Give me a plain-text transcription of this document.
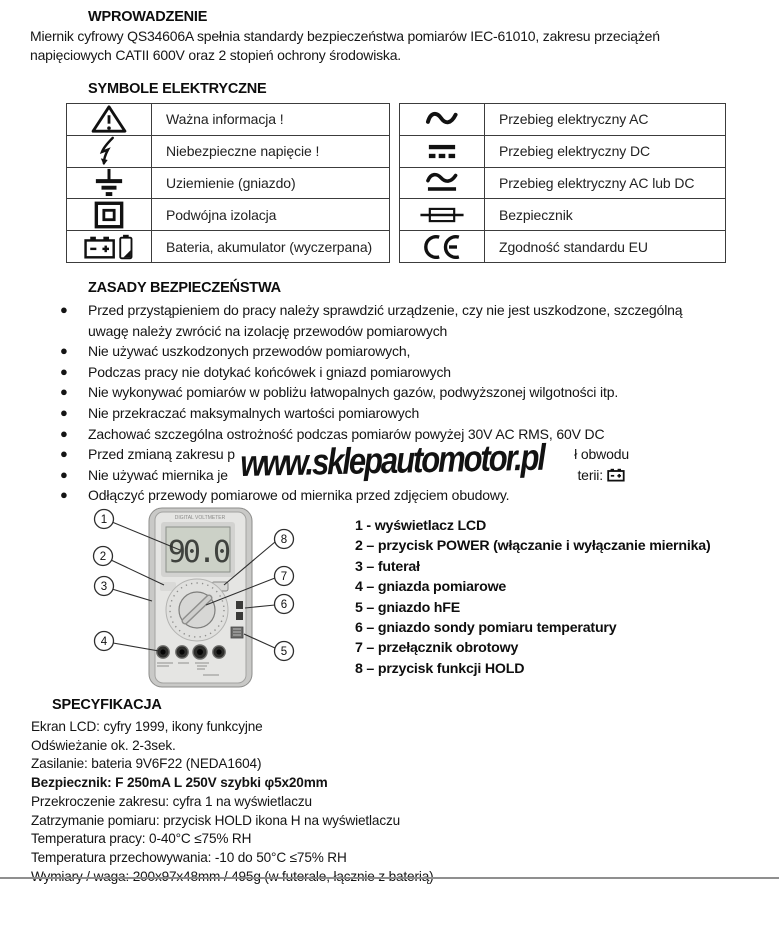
WPROWADZENIE
Miernik cyfrowy QS34606A spełnia standardy bezpieczeństwa pomiarów IEC-61010, zakresu przeciążeń napięciowych CATII 600V oraz 2 stopień ochrony środowiska.
SYMBOLE ELEKTRYCZNE
Ważna informacja !
Niebezpieczne napięcie !
Uziemienie (gniazdo)
Podwójna izolacja
Bateria, akumulator (wyczerpana)
Przebieg elektryczny AC
Przebieg elektryczny DC
Przebieg elektryczny AC lub DC
Bezpiecznik
Zgodność standardu EU
ZASADY BEZPIECZEŃSTWA
●	Przed przystąpieniem do pracy należy sprawdzić urządzenie, czy nie jest uszkodzone, szczególną uwagę należy zwrócić na izolację przewodów pomiarowych
●	Nie używać uszkodzonych przewodów pomiarowych,
●	Podczas pracy nie dotykać końcówek i gniazd pomiarowych
●	Nie wykonywać pomiarów w pobliżu łatwopalnych gazów, podwyższonej wilgotności itp.
●	Nie przekraczać maksymalnych wartości pomiarowych
●	Zachować szczególna ostrożność podczas pomiarów powyżej 30V AC RMS, 60V DC
●	Przed zmianą zakresu p	ł obwodu
●	Nie używać miernika je	terii:
●	Odłączyć przewody pomiarowe od miernika przed zdjęciem obudowy.
www.sklepautomotor.pl
DIGITAL VOLTMETER
90.0
1
2
3
4
5
6
7
8
1 - wyświetlacz LCD
2 – przycisk POWER (włączanie i wyłączanie miernika)
3 – futerał
4 – gniazda pomiarowe
5 – gniazdo hFE
6 – gniazdo sondy pomiaru temperatury
7 – przełącznik obrotowy
8 – przycisk funkcji HOLD
SPECYFIKACJA
Ekran LCD: cyfry 1999, ikony funkcyjne
Odświeżanie ok. 2-3sek.
Zasilanie: bateria 9V6F22 (NEDA1604)
Bezpiecznik: F 250mA L 250V szybki φ5x20mm
Przekroczenie zakresu: cyfra 1 na wyświetlaczu
Zatrzymanie pomiaru: przycisk HOLD ikona H na wyświetlaczu
Temperatura pracy: 0-40°C ≤75% RH
Temperatura przechowywania: -10 do 50°C ≤75% RH
